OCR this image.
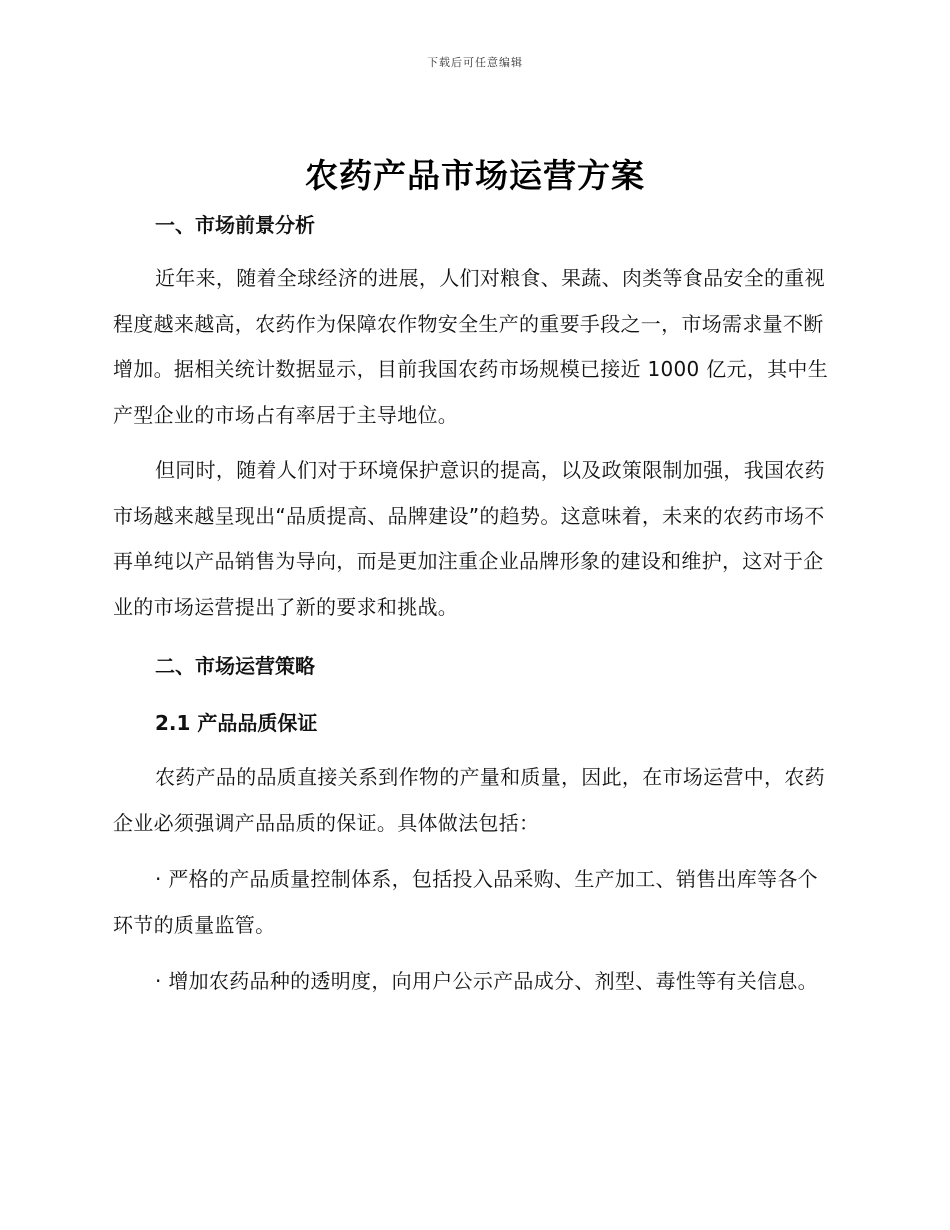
下载后可任意编辑
农药产品市场运营方案
一、市场前景分析

近年来，随着全球经济的进展，人们对粮食、果蔬、肉类等食品安全的重视程度越来越高，农药作为保障农作物安全生产的重要手段之一，市场需求量不断增加。据相关统计数据显示，目前我国农药市场规模已接近 1000 亿元，其中生产型企业的市场占有率居于主导地位。

但同时，随着人们对于环境保护意识的提高，以及政策限制加强，我国农药市场越来越呈现出“品质提高、品牌建设”的趋势。这意味着，未来的农药市场不再单纯以产品销售为导向，而是更加注重企业品牌形象的建设和维护，这对于企业的市场运营提出了新的要求和挑战。

二、市场运营策略
2.1 产品品质保证

农药产品的品质直接关系到作物的产量和质量，因此，在市场运营中，农药企业必须强调产品品质的保证。具体做法包括：

· 严格的产品质量控制体系，包括投入品采购、生产加工、销售出库等各个环节的质量监管。

· 增加农药品种的透明度，向用户公示产品成分、剂型、毒性等有关信息。
